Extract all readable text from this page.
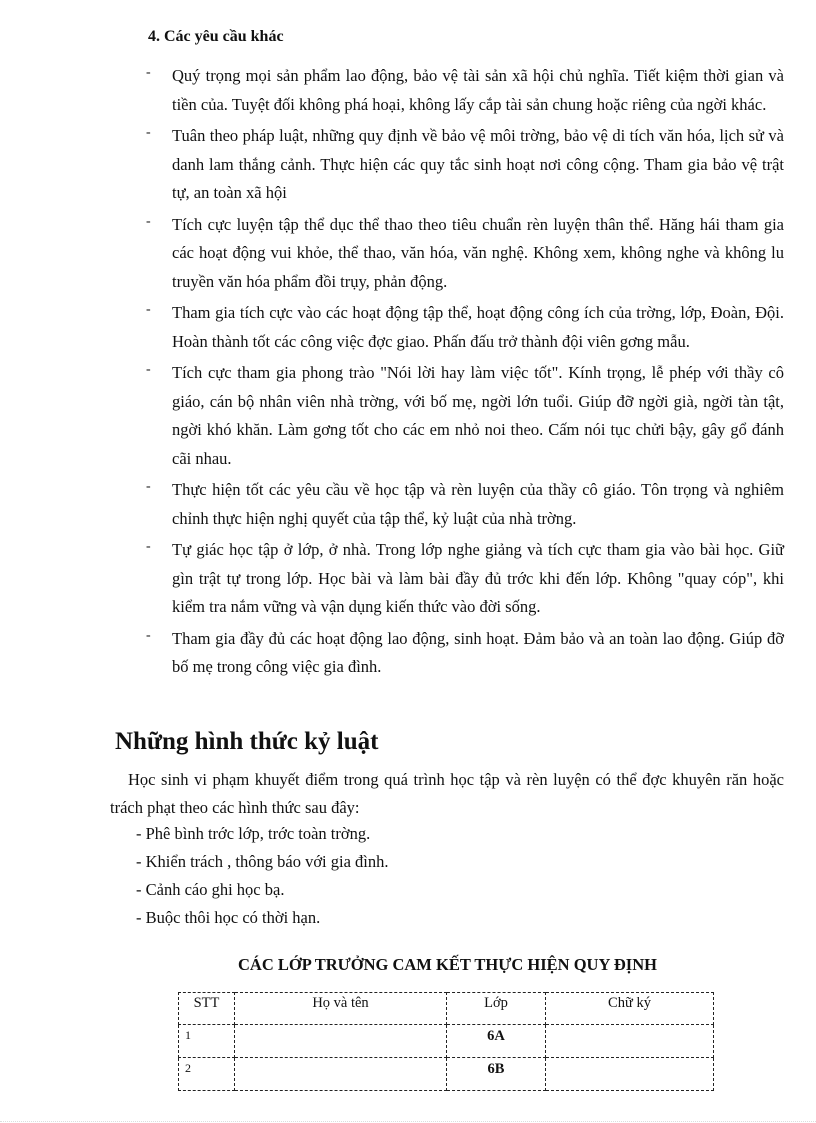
4. Các yêu cầu khác
- Quý trọng mọi sản phẩm lao động, bảo vệ tài sản xã hội chủ nghĩa. Tiết kiệm thời gian và tiền của. Tuyệt đối không phá hoại, không lấy cắp tài sản chung hoặc riêng của ngời khác.
- Tuân theo pháp luật, những quy định về bảo vệ môi trờng, bảo vệ di tích văn hóa, lịch sử và danh lam thắng cảnh. Thực hiện các quy tắc sinh hoạt nơi công cộng. Tham gia bảo vệ trật tự, an toàn xã hội
- Tích cực luyện tập thể dục thể thao theo tiêu chuẩn rèn luyện thân thể. Hăng hái tham gia các hoạt động vui khỏe, thể thao, văn hóa, văn nghệ. Không xem, không nghe và không lu truyền văn hóa phẩm đồi trụy, phản động.
- Tham gia tích cực vào các hoạt động tập thể, hoạt động công ích của trờng, lớp, Đoàn, Đội. Hoàn thành tốt các công việc đợc giao. Phấn đấu trở thành đội viên gơng mẫu.
- Tích cực tham gia phong trào "Nói lời hay làm việc tốt". Kính trọng, lễ phép với thầy cô giáo, cán bộ nhân viên nhà trờng, với bố mẹ, ngời lớn tuổi. Giúp đỡ ngời già, ngời tàn tật, ngời khó khăn. Làm gơng tốt cho các em nhỏ noi theo. Cấm nói tục chửi bậy, gây gổ đánh cãi nhau.
- Thực hiện tốt các yêu cầu về học tập và rèn luyện của thầy cô giáo. Tôn trọng và nghiêm chỉnh thực hiện nghị quyết của tập thể, kỷ luật của nhà trờng.
- Tự giác học tập ở lớp, ở nhà. Trong lớp nghe giảng và tích cực tham gia vào bài học. Giữ gìn trật tự trong lớp. Học bài và làm bài đầy đủ trớc khi đến lớp. Không "quay cóp", khi kiểm tra nắm vững và vận dụng kiến thức vào đời sống.
- Tham gia đầy đủ các hoạt động lao động, sinh hoạt. Đảm bảo và an toàn lao động. Giúp đỡ bố mẹ trong công việc gia đình.
Những hình thức kỷ luật

Học sinh vi phạm khuyết điểm trong quá trình học tập và rèn luyện có thể đợc khuyên răn hoặc trách phạt theo các hình thức sau đây:

- Phê bình trớc lớp, trớc toàn trờng.
- Khiển trách , thông báo với gia đình.
- Cảnh cáo ghi học bạ.
- Buộc thôi học có thời hạn.
CÁC LỚP TRƯỞNG CAM KẾT THỰC HIỆN QUY ĐỊNH
STT	Họ và tên	Lớp	Chữ ký
1		6A	
2		6B	
